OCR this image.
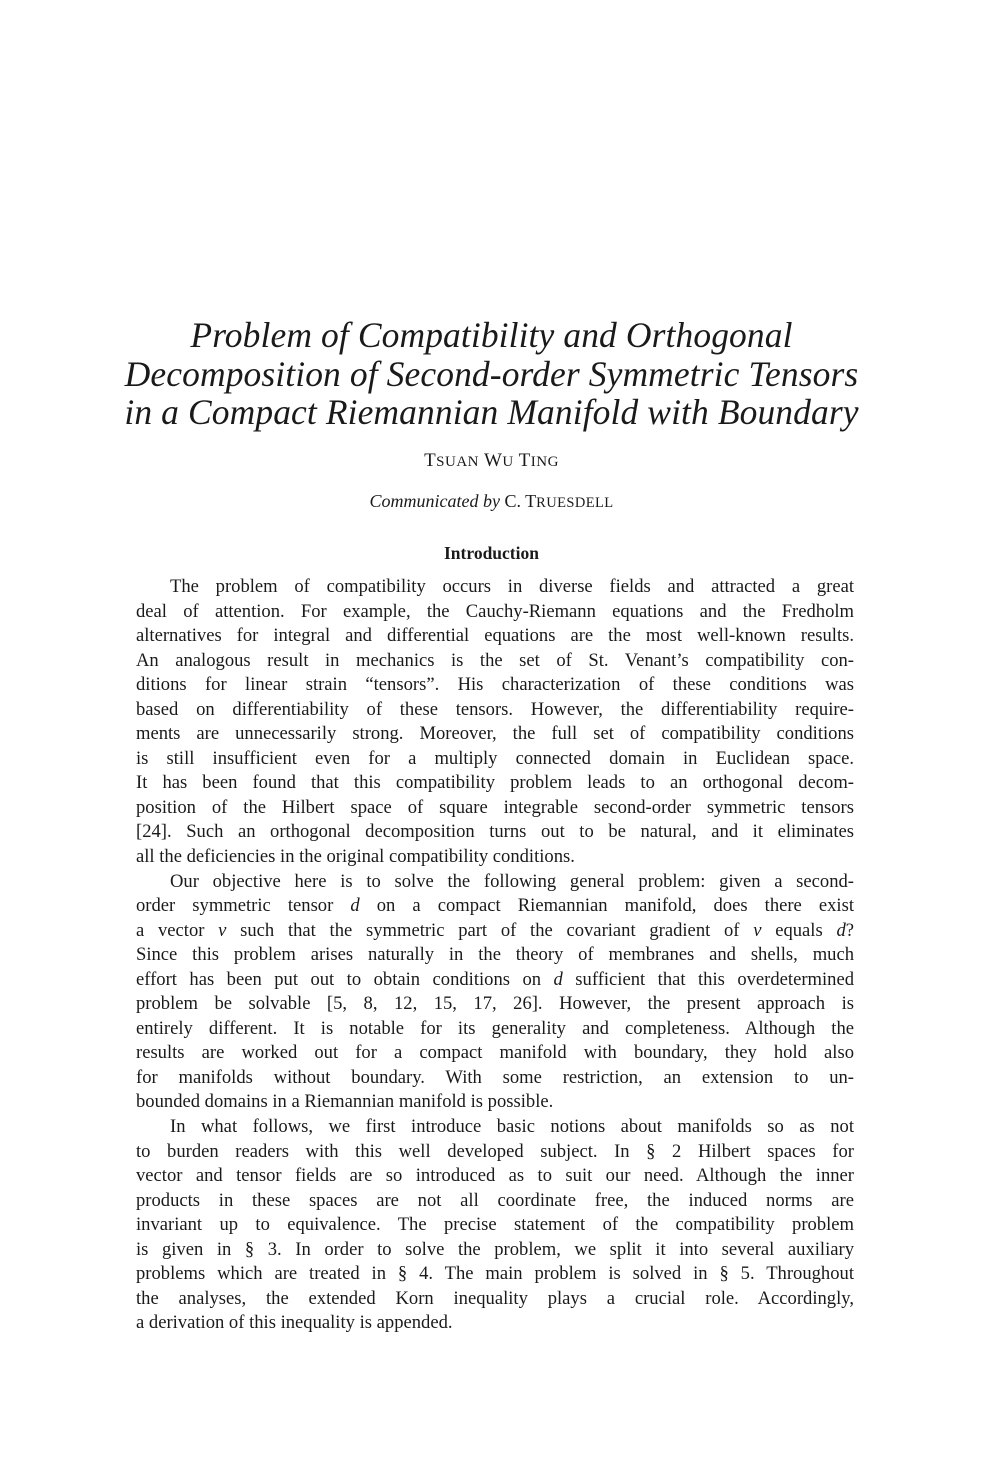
Problem of Compatibility and Orthogonal
Decomposition of Second-order Symmetric Tensors
in a Compact Riemannian Manifold with Boundary
TSUAN WU TING
Communicated by C. TRUESDELL
Introduction
The problem of compatibility occurs in diverse fields and attracted a great
deal of attention. For example, the Cauchy-Riemann equations and the Fredholm
alternatives for integral and differential equations are the most well-known results.
An analogous result in mechanics is the set of St. Venant’s compatibility con-
ditions for linear strain “tensors”. His characterization of these conditions was
based on differentiability of these tensors. However, the differentiability require-
ments are unnecessarily strong. Moreover, the full set of compatibility conditions
is still insufficient even for a multiply connected domain in Euclidean space.
It has been found that this compatibility problem leads to an orthogonal decom-
position of the Hilbert space of square integrable second-order symmetric tensors
[24]. Such an orthogonal decomposition turns out to be natural, and it eliminates
all the deficiencies in the original compatibility conditions.
Our objective here is to solve the following general problem: given a second-
order symmetric tensor d on a compact Riemannian manifold, does there exist
a vector v such that the symmetric part of the covariant gradient of v equals d?
Since this problem arises naturally in the theory of membranes and shells, much
effort has been put out to obtain conditions on d sufficient that this overdetermined
problem be solvable [5, 8, 12, 15, 17, 26]. However, the present approach is
entirely different. It is notable for its generality and completeness. Although the
results are worked out for a compact manifold with boundary, they hold also
for manifolds without boundary. With some restriction, an extension to un-
bounded domains in a Riemannian manifold is possible.
In what follows, we first introduce basic notions about manifolds so as not
to burden readers with this well developed subject. In § 2 Hilbert spaces for
vector and tensor fields are so introduced as to suit our need. Although the inner
products in these spaces are not all coordinate free, the induced norms are
invariant up to equivalence. The precise statement of the compatibility problem
is given in § 3. In order to solve the problem, we split it into several auxiliary
problems which are treated in § 4. The main problem is solved in § 5. Throughout
the analyses, the extended Korn inequality plays a crucial role. Accordingly,
a derivation of this inequality is appended.
